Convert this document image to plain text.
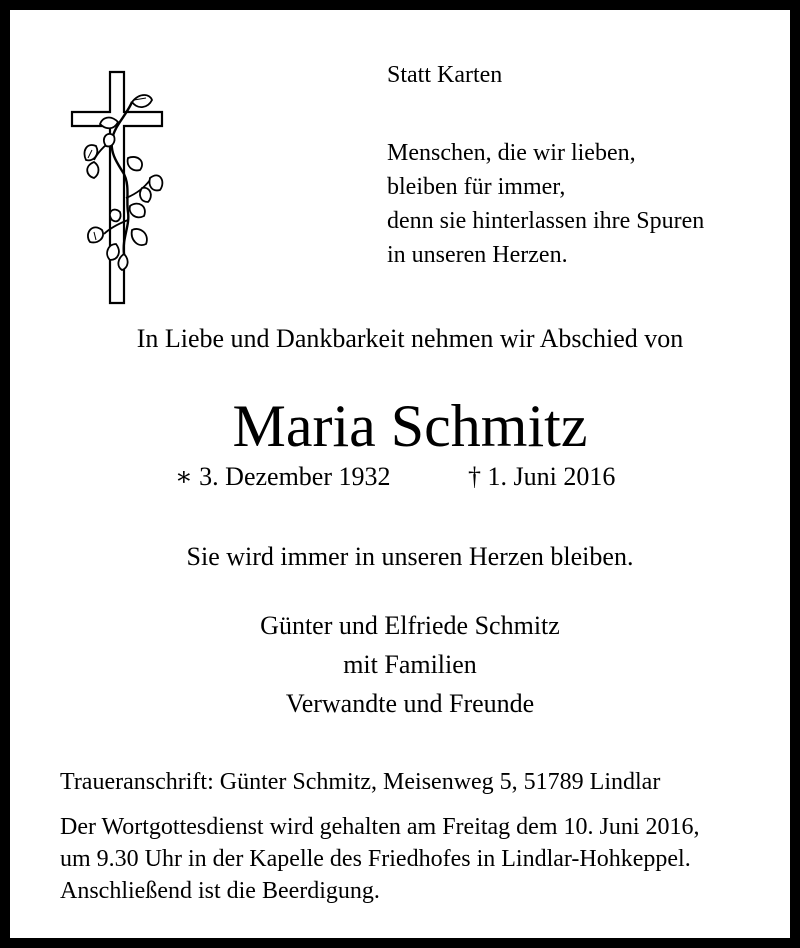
Statt Karten
Menschen, die wir lieben,
bleiben für immer,
denn sie hinterlassen ihre Spuren
in unseren Herzen.
In Liebe und Dankbarkeit nehmen wir Abschied von
Maria Schmitz
∗ 3. Dezember 1932	† 1. Juni 2016
Sie wird immer in unseren Herzen bleiben.
Günter und Elfriede Schmitz
mit Familien
Verwandte und Freunde
Traueranschrift: Günter Schmitz, Meisenweg 5, 51789 Lindlar
Der Wortgottesdienst wird gehalten am Freitag dem 10. Juni 2016,
um 9.30 Uhr in der Kapelle des Friedhofes in Lindlar-Hohkeppel.
Anschließend ist die Beerdigung.
